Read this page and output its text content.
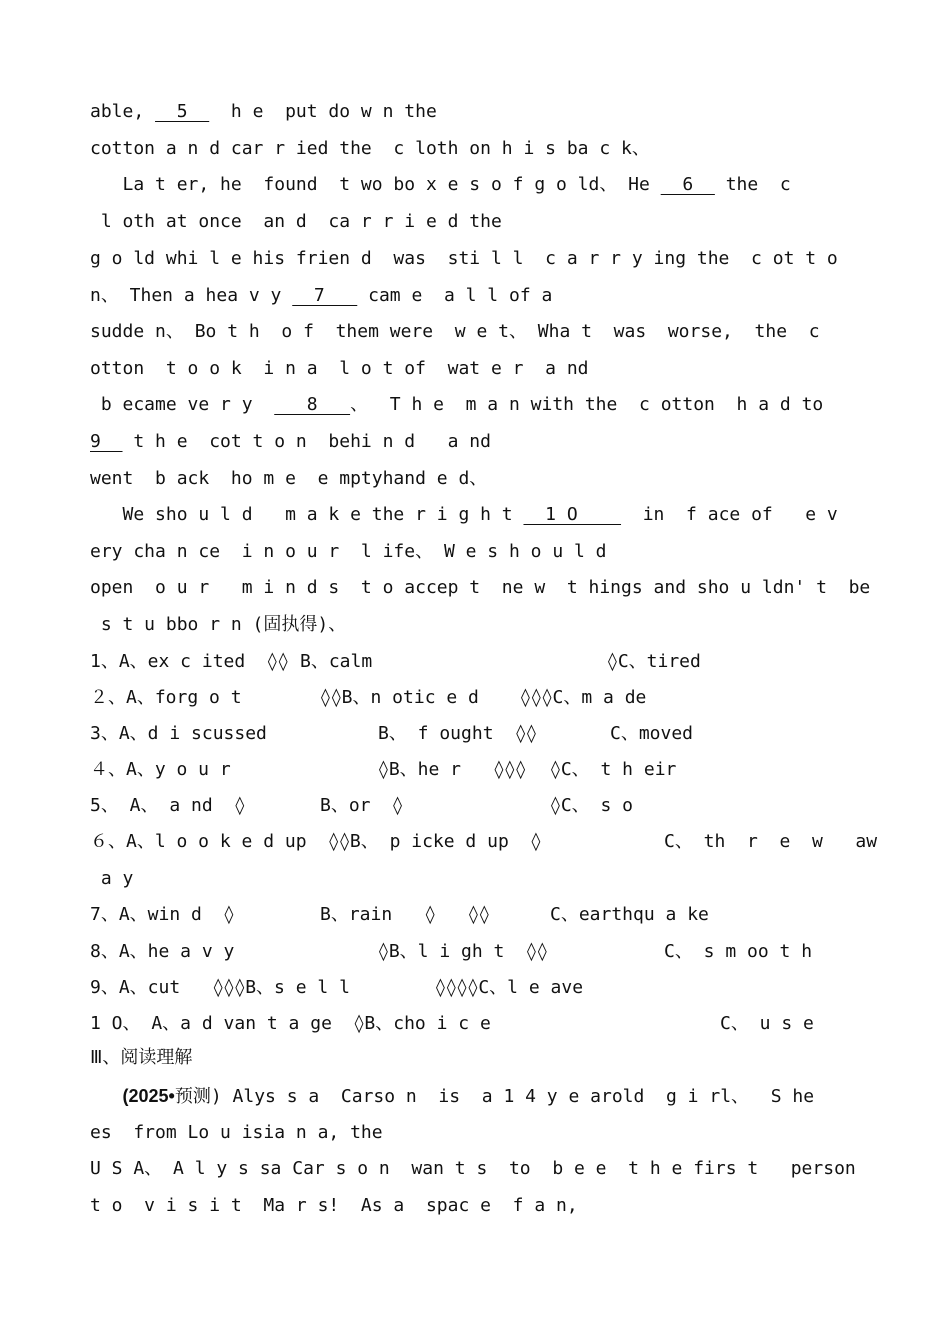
able,   5    h e  put do w n the
cotton a n d car r ied the  c loth on h i s ba c k、
La t er, he  found  t wo bo x e s o f g o ld、 He   6   the  c
l oth at once  an d  ca r r i e d the
g o ld whi l e his frien d  was  sti l l  c a r r y ing the  c ot t o
n、 Then a hea v y   7    cam e  a l l of a
sudde n、 Bo t h  o f  them were  w e t、 Wha t  was  worse,  the  c
otton  t o o k  i n a  l o t of  wat e r  a nd
b ecame ve r y     8   、  T h e  m a n with the  c otton  h a d to
9   t h e  cot t o n  behi n d   a nd
went  b ack  ho m e  e mptyhand e d、
We sho u l d   m a k e the r i g h t   1 O      in  f ace of   e v
ery cha n ce  i n o u r  l ife、 W e s h o u l d
open  o u r   m i n d s  t o accep t  ne w  t hings and sho u ldn' t  be
s t u bbo r n (固执得)、
1、A、ex c ited  ◊◊ B、calm	◊C、tired
２、A、forg o t	◊◊B、n otic e d ◊◊◊C、m a de
3、A、d i scussed	B、 f ought  ◊◊	C、moved
４、A、y o u r	◊B、he r   ◊◊◊ ◊C、 t h eir
5、 A、 a nd  ◊	B、or  ◊	◊C、 s o
６、A、l o o k e d up  ◊◊B、 p icke d up  ◊	C、 th  r  e  w   aw
a y
7、A、win d  ◊	B、rain   ◊   ◊◊	C、earthqu a ke
8、A、he a v y	◊B、l i gh t  ◊◊	C、 s m oo t h
9、A、cut   ◊◊◊B、s e l l	◊◊◊◊C、l e ave
1 O、 A、a d van t a ge  ◊B、cho i c e	C、 u s e
Ⅲ、阅读理解
(2025•预测) Alys s a  Carso n  is  a 1 4 y e arold  g i rl、  S he
es  from Lo u isia n a, the
U S A、 A l y s sa Car s o n  wan t s  to  b e e  t h e firs t   person
t o  v i s i t  Ma r s!  As a  spac e  f a n,
